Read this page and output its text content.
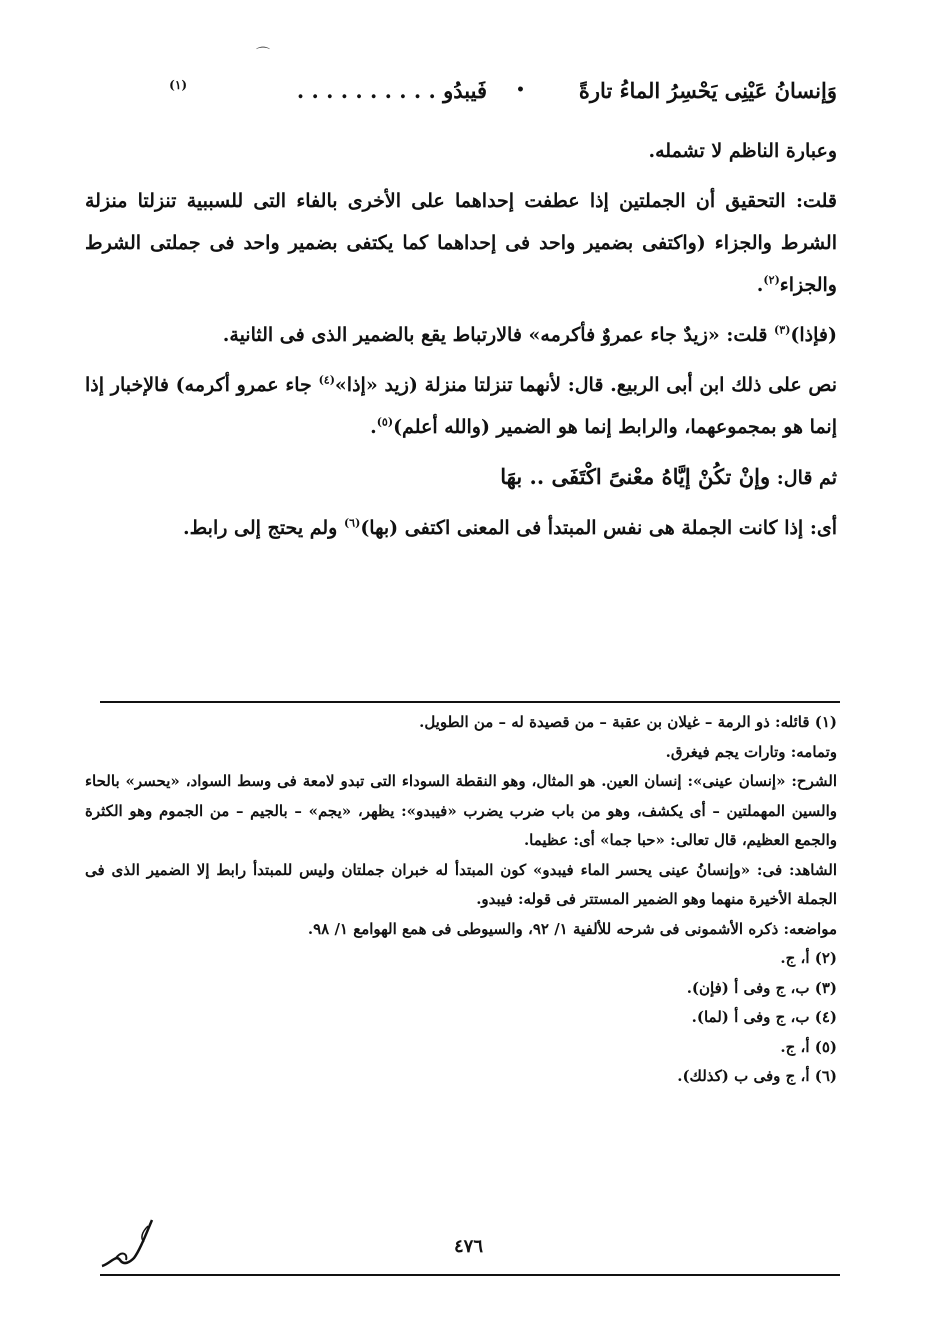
⌒
وَإنسانُ عَيْنِى يَحْسِرُ الماءُ تارةً
•
فَيبدُو . . . . . . . . . .
(١)

وعبارة الناظم لا تشمله.

قلت: التحقيق أن الجملتين إذا عطفت إحداهما على الأخرى بالفاء التى للسببية تنزلتا منزلة الشرط والجزاء (واكتفى بضمير واحد فى إحداهما كما يكتفى بضمير واحد فى جملتى الشرط والجزاء$^{(٢)}$.

(فإذا)$^{(٣)}$ قلت: «زيدٌ جاء عمروٌ فأكرمه» فالارتباط يقع بالضمير الذى فى الثانية.

نص على ذلك ابن أبى الربيع. قال: لأنهما تنزلتا منزلة (زيد «إذا»$^{(٤)}$ جاء عمرو أكرمه) فالإخبار إذا إنما هو بمجموعهما، والرابط إنما هو الضمير (والله أعلم)$^{(٥)}$.

ثم قال: وإنْ تكُنْ إيَّاهُ معْنىً اكْتَفَى .. بهَا

أى: إذا كانت الجملة هى نفس المبتدأ فى المعنى اكتفى (بها)$^{(٦)}$ ولم يحتج إلى رابط.

(١) قائله: ذو الرمة – غيلان بن عقبة – من قصيدة له – من الطويل.

وتمامه: وتارات يجم فيغرق.

الشرح: «إنسان عينى»: إنسان العين. هو المثال، وهو النقطة السوداء التى تبدو لامعة فى وسط السواد، «يحسر» بالحاء والسين المهملتين – أى يكشف، وهو من باب ضرب يضرب «فيبدو»: يظهر، «يجم» – بالجيم – من الجموم وهو الكثرة والجمع العظيم، قال تعالى: «حبا جما» أى: عظيما.

الشاهد: فى: «وإنسانُ عينى يحسر الماء فيبدو» كون المبتدأ له خبران جملتان وليس للمبتدأ رابط إلا الضمير الذى فى الجملة الأخيرة منهما وهو الضمير المستتر فى قوله: فيبدو.

مواضعه: ذكره الأشمونى فى شرحه للألفية ١/ ٩٢، والسيوطى فى همع الهوامع ١/ ٩٨.

(٢) أ، ج.

(٣) ب، ج وفى أ (فإن).

(٤) ب، ج وفى أ (لما).

(٥) أ، ج.

(٦) أ، ج وفى ب (كذلك).

٤٧٦
